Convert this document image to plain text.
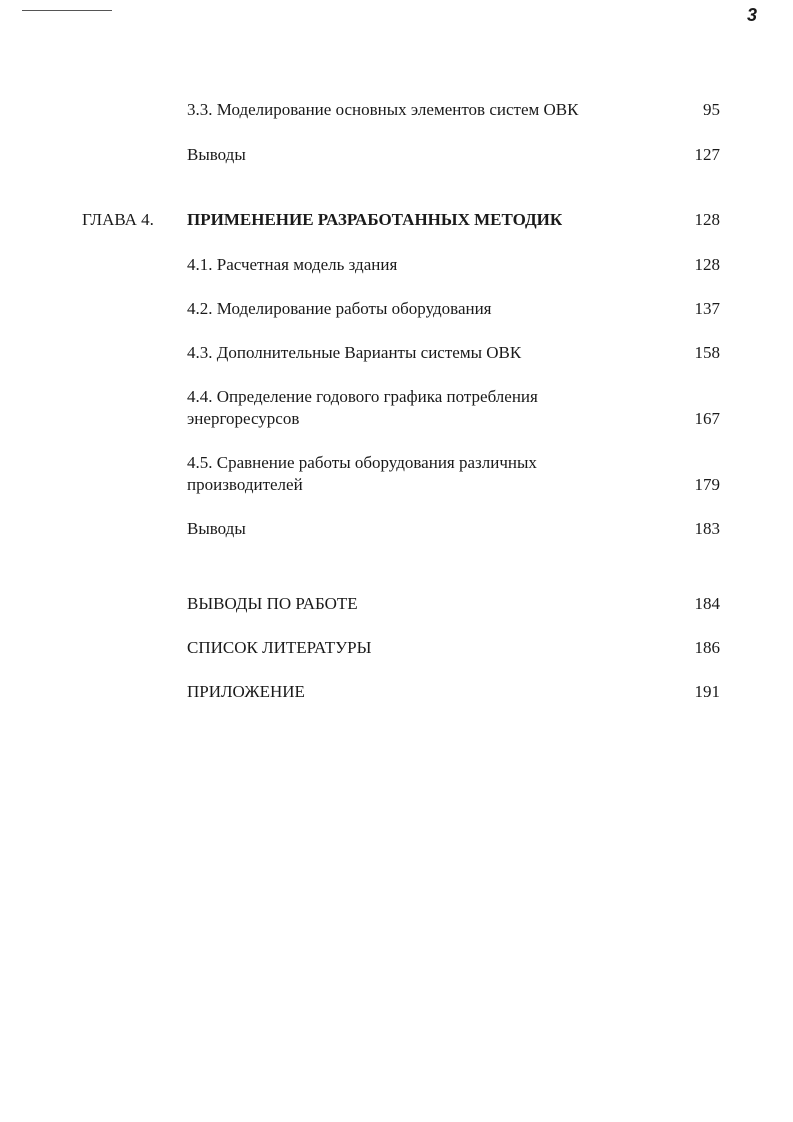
3
3.3. Моделирование основных элементов систем ОВК	95
Выводы	127
ГЛАВА 4.	ПРИМЕНЕНИЕ РАЗРАБОТАННЫХ МЕТОДИК	128
4.1. Расчетная модель здания	128
4.2. Моделирование работы оборудования	137
4.3. Дополнительные Варианты системы ОВК	158
4.4. Определение годового графика потребления энергоресурсов	167
4.5. Сравнение работы оборудования различных производителей	179
Выводы	183
ВЫВОДЫ ПО РАБОТЕ	184
СПИСОК ЛИТЕРАТУРЫ	186
ПРИЛОЖЕНИЕ	191
